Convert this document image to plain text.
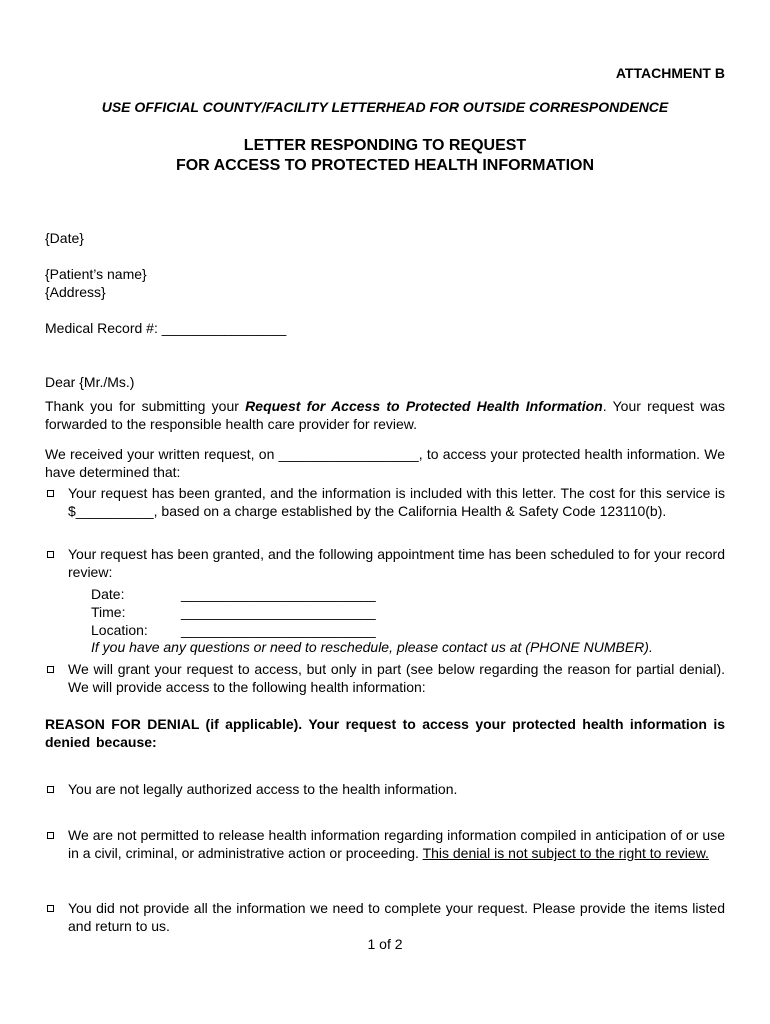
ATTACHMENT B
USE OFFICIAL COUNTY/FACILITY LETTERHEAD FOR OUTSIDE CORRESPONDENCE
LETTER RESPONDING TO REQUEST
FOR ACCESS TO PROTECTED HEALTH INFORMATION
{Date}
{Patient’s name}
{Address}
Medical Record #: ________________
Dear {Mr./Ms.)
Thank you for submitting your Request for Access to Protected Health Information. Your request was forwarded to the responsible health care provider for review.
We received your written request, on __________________, to access your protected health information. We have determined that:
Your request has been granted, and the information is included with this letter. The cost for this service is $__________, based on a charge established by the California Health & Safety Code 123110(b).
Your request has been granted, and the following appointment time has been scheduled to for your record review:
Date:	_________________________
Time:	_________________________
Location: _________________________
If you have any questions or need to reschedule, please contact us at (PHONE NUMBER).
We will grant your request to access, but only in part (see below regarding the reason for partial denial). We will provide access to the following health information:
REASON FOR DENIAL (if applicable). Your request to access your protected health information is denied because:
You are not legally authorized access to the health information.
We are not permitted to release health information regarding information compiled in anticipation of or use in a civil, criminal, or administrative action or proceeding. This denial is not subject to the right to review.
You did not provide all the information we need to complete your request. Please provide the items listed and return to us.
1 of 2
